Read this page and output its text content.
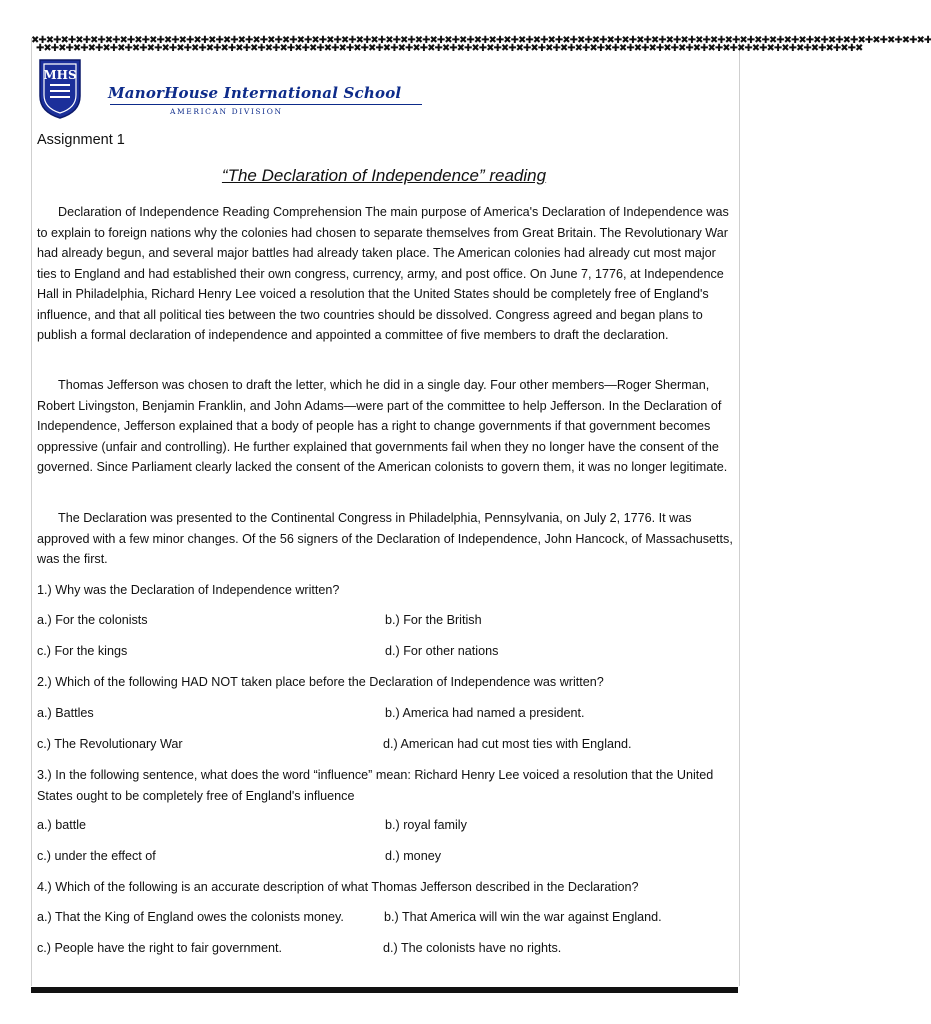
✖✚✖✚✖✚✖✚✖✚✖✚✖✚✖✚✖✚✖✚✖✚✖✚✖✚✖✚✖✚✖✚✖✚✖✚✖✚✖✚✖✚✖✚✖✚✖✚✖✚✖✚✖✚✖✚✖✚✖✚✖✚✖✚✖✚✖✚✖✚✖✚✖✚✖✚✖✚✖✚✖✚✖✚✖✚✖✚✖✚✖✚✖✚✖✚✖✚✖✚✖✚✖✚✖✚✖✚✖✚✖✚✖✚✖✚✖✚✖✚✖✚
✚✖✚✖✚✖✚✖✚✖✚✖✚✖✚✖✚✖✚✖✚✖✚✖✚✖✚✖✚✖✚✖✚✖✚✖✚✖✚✖✚✖✚✖✚✖✚✖✚✖✚✖✚✖✚✖✚✖✚✖✚✖✚✖✚✖✚✖✚✖✚✖✚✖✚✖✚✖✚✖✚✖✚✖✚✖✚✖✚✖✚✖✚✖✚✖✚✖✚✖✚✖✚✖✚✖✚✖✚✖✚✖
MHS
ManorHouse International School
AMERICAN DIVISION
Assignment 1
“The Declaration of Independence” reading

Declaration of Independence Reading Comprehension The main purpose of America's Declaration of Independence was to explain to foreign nations why the colonies had chosen to separate themselves from Great Britain. The Revolutionary War had already begun, and several major battles had already taken place. The American colonies had already cut most major ties to England and had established their own congress, currency, army, and post office. On June 7, 1776, at Independence Hall in Philadelphia, Richard Henry Lee voiced a resolution that the United States should be completely free of England's influence, and that all political ties between the two countries should be dissolved. Congress agreed and began plans to publish a formal declaration of independence and appointed a committee of five members to draft the declaration.

Thomas Jefferson was chosen to draft the letter, which he did in a single day. Four other members—Roger Sherman, Robert Livingston, Benjamin Franklin, and John Adams—were part of the committee to help Jefferson. In the Declaration of Independence, Jefferson explained that a body of people has a right to change governments if that government becomes oppressive (unfair and controlling). He further explained that governments fail when they no longer have the consent of the governed. Since Parliament clearly lacked the consent of the American colonists to govern them, it was no longer legitimate.

The Declaration was presented to the Continental Congress in Philadelphia, Pennsylvania, on July 2, 1776. It was approved with a few minor changes. Of the 56 signers of the Declaration of Independence, John Hancock, of Massachusetts, was the first.

1.) Why was the Declaration of Independence written?

a.) For the colonists	b.) For the British
c.) For the kings	d.) For other nations

2.) Which of the following HAD NOT taken place before the Declaration of Independence was written?

a.) Battles	b.) America had named a president.
c.) The Revolutionary War	d.) American had cut most ties with England.

3.) In the following sentence, what does the word “influence” mean: Richard Henry Lee voiced a resolution that the United States ought to be completely free of England's influence

a.) battle	b.) royal family
c.) under the effect of	d.) money

4.) Which of the following is an accurate description of what Thomas Jefferson described in the Declaration?

a.) That the King of England owes the colonists money.	b.) That America will win the war against England.
c.) People have the right to fair government.	d.) The colonists have no rights.
